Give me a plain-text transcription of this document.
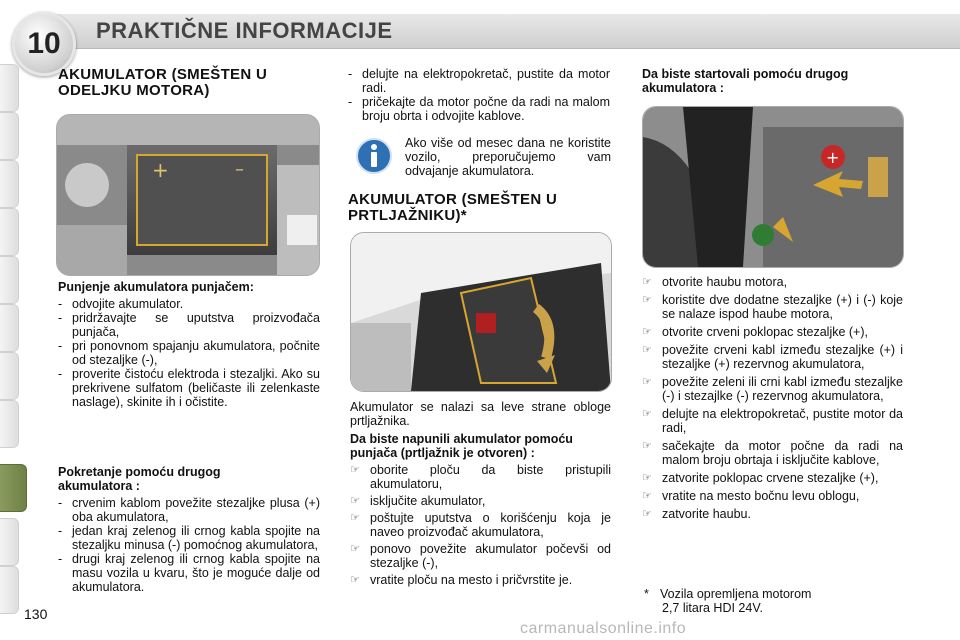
10 PRAKTIČNE INFORMACIJE
AKUMULATOR (SMEŠTEN U
ODELJKU MOTORA)
+	–
Punjenje akumulatora punjačem:
- odvojite akumulator.
- pridržavajte se uputstva proizvođača punjača,
- pri ponovnom spajanju akumulatora, počnite od stezaljke (-),
- proverite čistoću elektroda i stezaljki. Ako su prekrivene sulfatom (beličaste ili zelenkaste naslage), skinite ih i očistite.
Pokretanje pomoću drugog
akumulatora :
- crvenim kablom povežite stezaljke plusa (+) oba akumulatora,
- jedan kraj zelenog ili crnog kabla spojite na stezaljku minusa (-) pomoćnog akumulatora,
- drugi kraj zelenog ili crnog kabla spojite na masu vozila u kvaru, što je moguće dalje od akumulatora.
- delujte na elektropokretač, pustite da motor radi.
- pričekajte da motor počne da radi na malom broju obrta i odvojite kablove.
Ako više od mesec dana ne koristite vozilo, preporučujemo vam odvajanje akumulatora.
AKUMULATOR (SMEŠTEN U
PRTLJAŽNIKU)*
Akumulator se nalazi sa leve strane obloge prtljažnika.
Da biste napunili akumulator pomoću punjača (prtljažnik je otvoren) :
☞ oborite ploču da biste pristupili akumulatoru,
☞ isključite akumulator,
☞ poštujte uputstva o korišćenju koja je naveo proizvođač akumulatora,
☞ ponovo povežite akumulator počevši od stezaljke (-),
☞ vratite ploču na mesto i pričvrstite je.
Da biste startovali pomoću drugog
akumulatora :
+
☞ otvorite haubu motora,
☞ koristite dve dodatne stezaljke (+) i (-) koje se nalaze ispod haube motora,
☞ otvorite crveni poklopac stezaljke (+),
☞ povežite crveni kabl između stezaljke (+) i stezaljke (+) rezervnog akumulatora,
☞ povežite zeleni ili crni kabl između stezaljke (-) i stezajlke (-) rezervnog akumulatora,
☞ delujte na elektropokretač, pustite motor da radi,
☞ sačekajte da motor počne da radi na malom broju obrtaja i isključite kablove,
☞ zatvorite poklopac crvene stezaljke (+),
☞ vratite na mesto bočnu levu oblogu,
☞ zatvorite haubu.
* Vozila opremljena motorom
2,7 litara HDI 24V.
130
carmanualsonline.info
